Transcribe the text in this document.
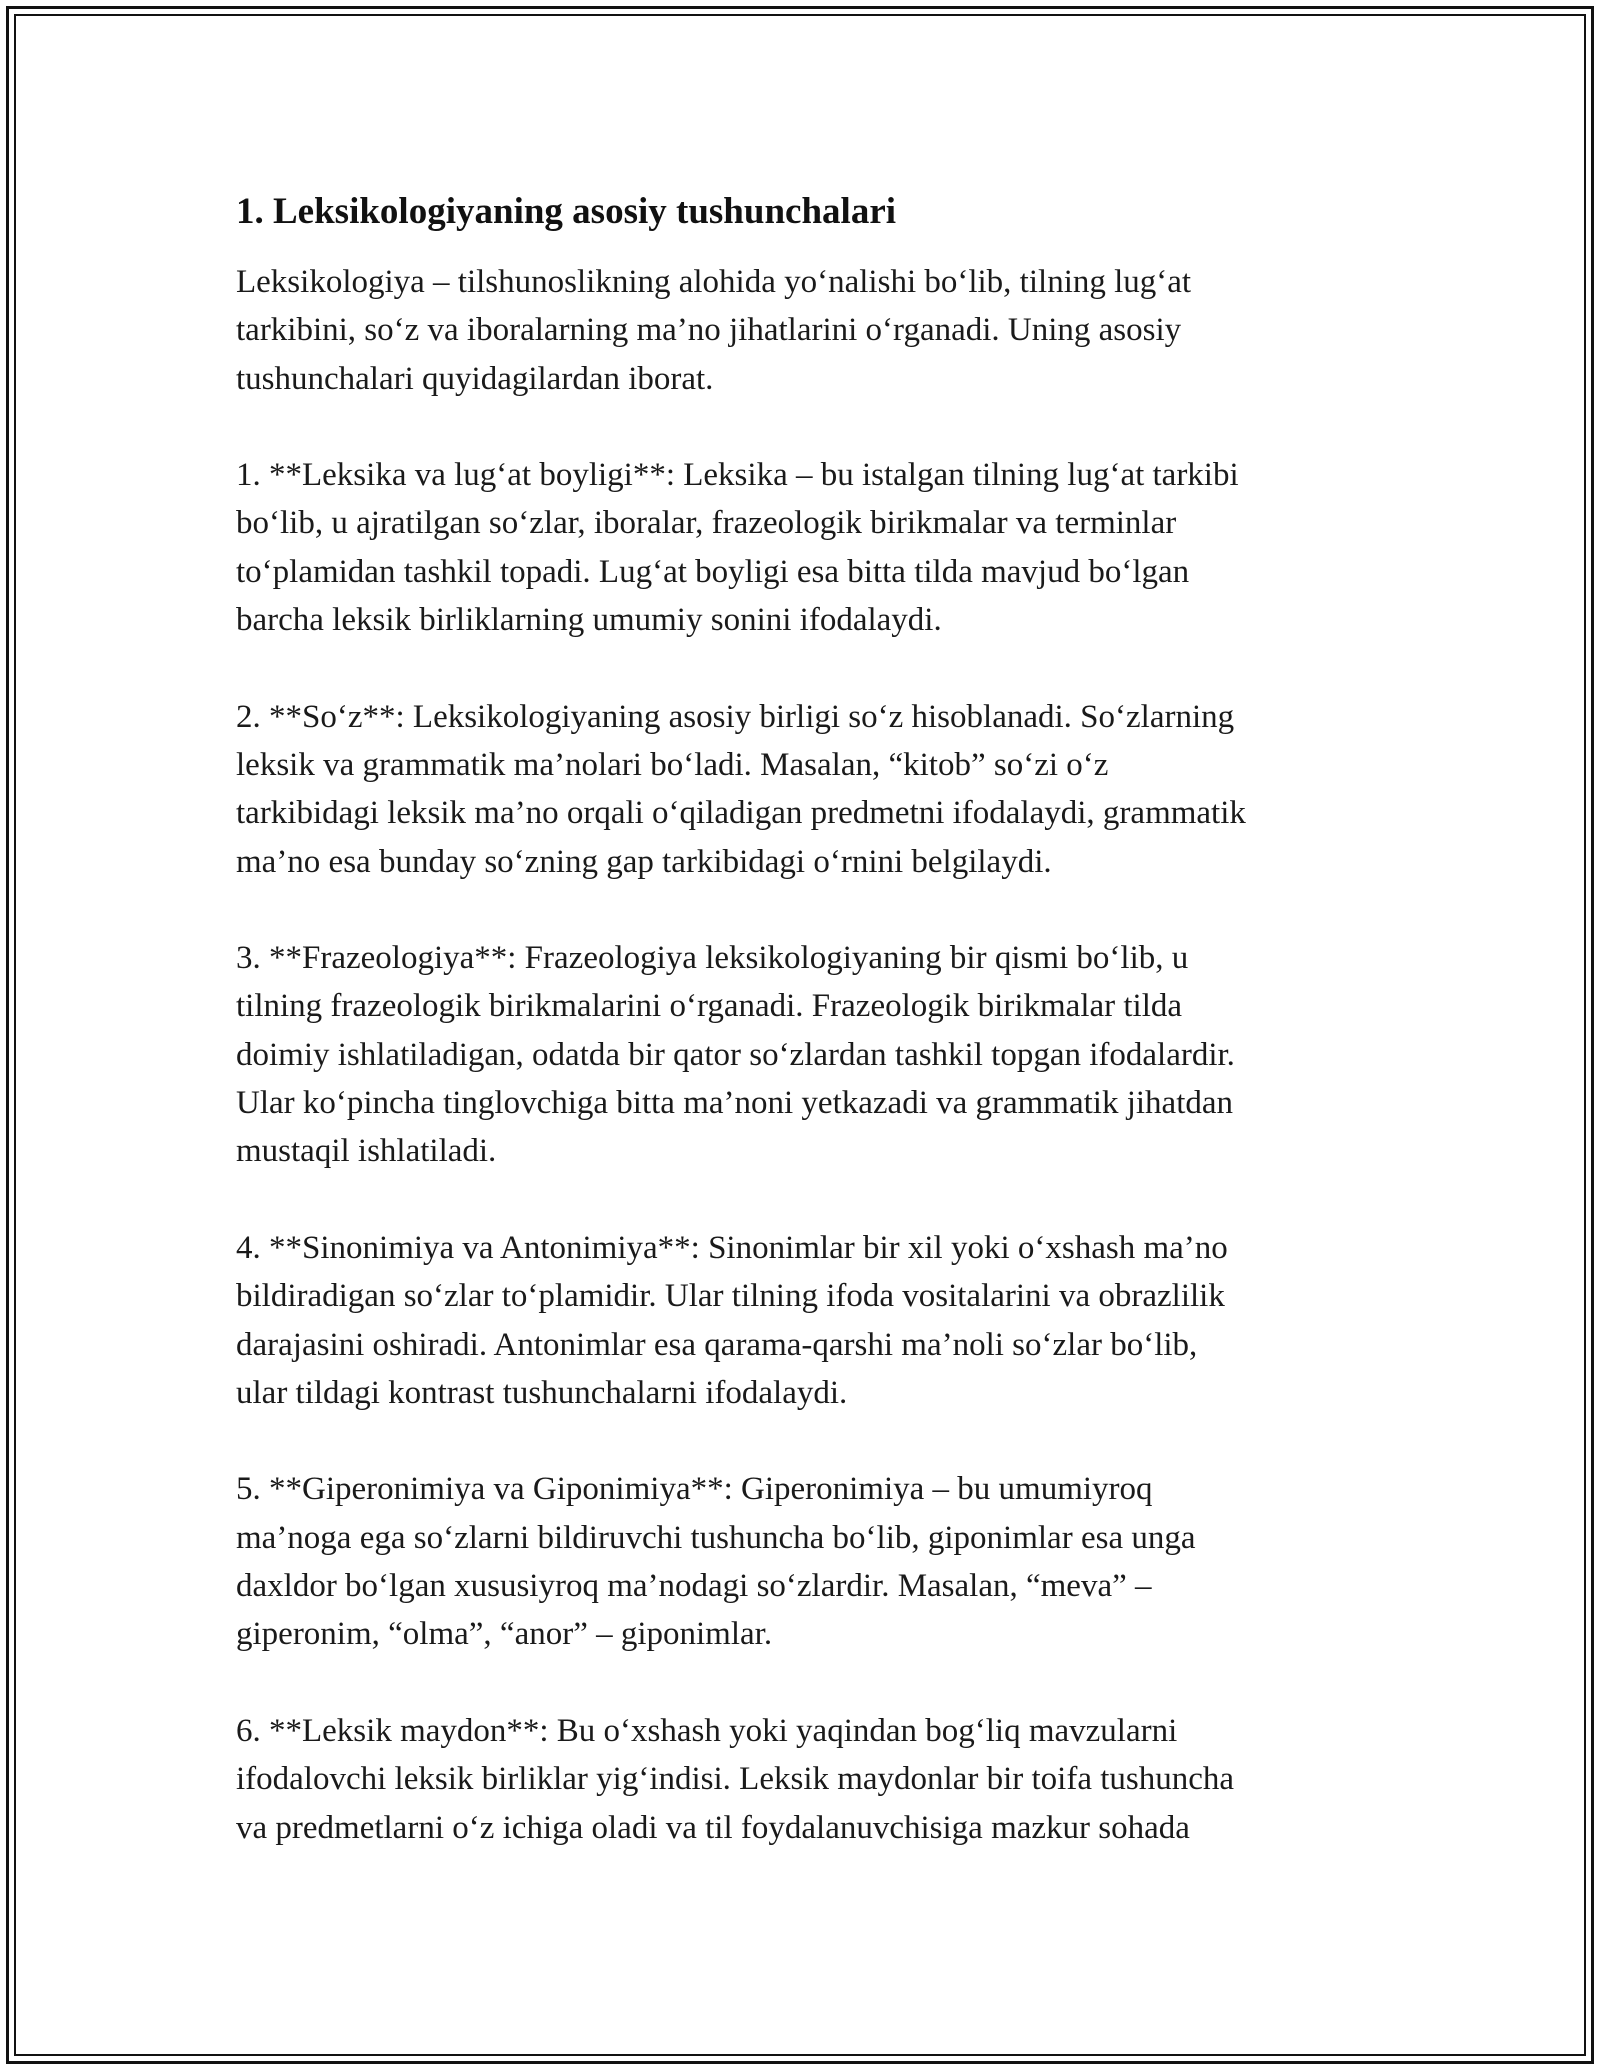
1. Leksikologiyaning asosiy tushunchalari

Leksikologiya – tilshunoslikning alohida yo‘nalishi bo‘lib, tilning lug‘at
tarkibini, so‘z va iboralarning ma’no jihatlarini o‘rganadi. Uning asosiy
tushunchalari quyidagilardan iborat.

1. **Leksika va lug‘at boyligi**: Leksika – bu istalgan tilning lug‘at tarkibi
bo‘lib, u ajratilgan so‘zlar, iboralar, frazeologik birikmalar va terminlar
to‘plamidan tashkil topadi. Lug‘at boyligi esa bitta tilda mavjud bo‘lgan
barcha leksik birliklarning umumiy sonini ifodalaydi.

2. **So‘z**: Leksikologiyaning asosiy birligi so‘z hisoblanadi. So‘zlarning
leksik va grammatik ma’nolari bo‘ladi. Masalan, “kitob” so‘zi o‘z
tarkibidagi leksik ma’no orqali o‘qiladigan predmetni ifodalaydi, grammatik
ma’no esa bunday so‘zning gap tarkibidagi o‘rnini belgilaydi.

3. **Frazeologiya**: Frazeologiya leksikologiyaning bir qismi bo‘lib, u
tilning frazeologik birikmalarini o‘rganadi. Frazeologik birikmalar tilda
doimiy ishlatiladigan, odatda bir qator so‘zlardan tashkil topgan ifodalardir.
Ular ko‘pincha tinglovchiga bitta ma’noni yetkazadi va grammatik jihatdan
mustaqil ishlatiladi.

4. **Sinonimiya va Antonimiya**: Sinonimlar bir xil yoki o‘xshash ma’no
bildiradigan so‘zlar to‘plamidir. Ular tilning ifoda vositalarini va obrazlilik
darajasini oshiradi. Antonimlar esa qarama-qarshi ma’noli so‘zlar bo‘lib,
ular tildagi kontrast tushunchalarni ifodalaydi.

5. **Giperonimiya va Giponimiya**: Giperonimiya – bu umumiyroq
ma’noga ega so‘zlarni bildiruvchi tushuncha bo‘lib, giponimlar esa unga
daxldor bo‘lgan xususiyroq ma’nodagi so‘zlardir. Masalan, “meva” –
giperonim, “olma”, “anor” – giponimlar.

6. **Leksik maydon**: Bu o‘xshash yoki yaqindan bog‘liq mavzularni
ifodalovchi leksik birliklar yig‘indisi. Leksik maydonlar bir toifa tushuncha
va predmetlarni o‘z ichiga oladi va til foydalanuvchisiga mazkur sohada
